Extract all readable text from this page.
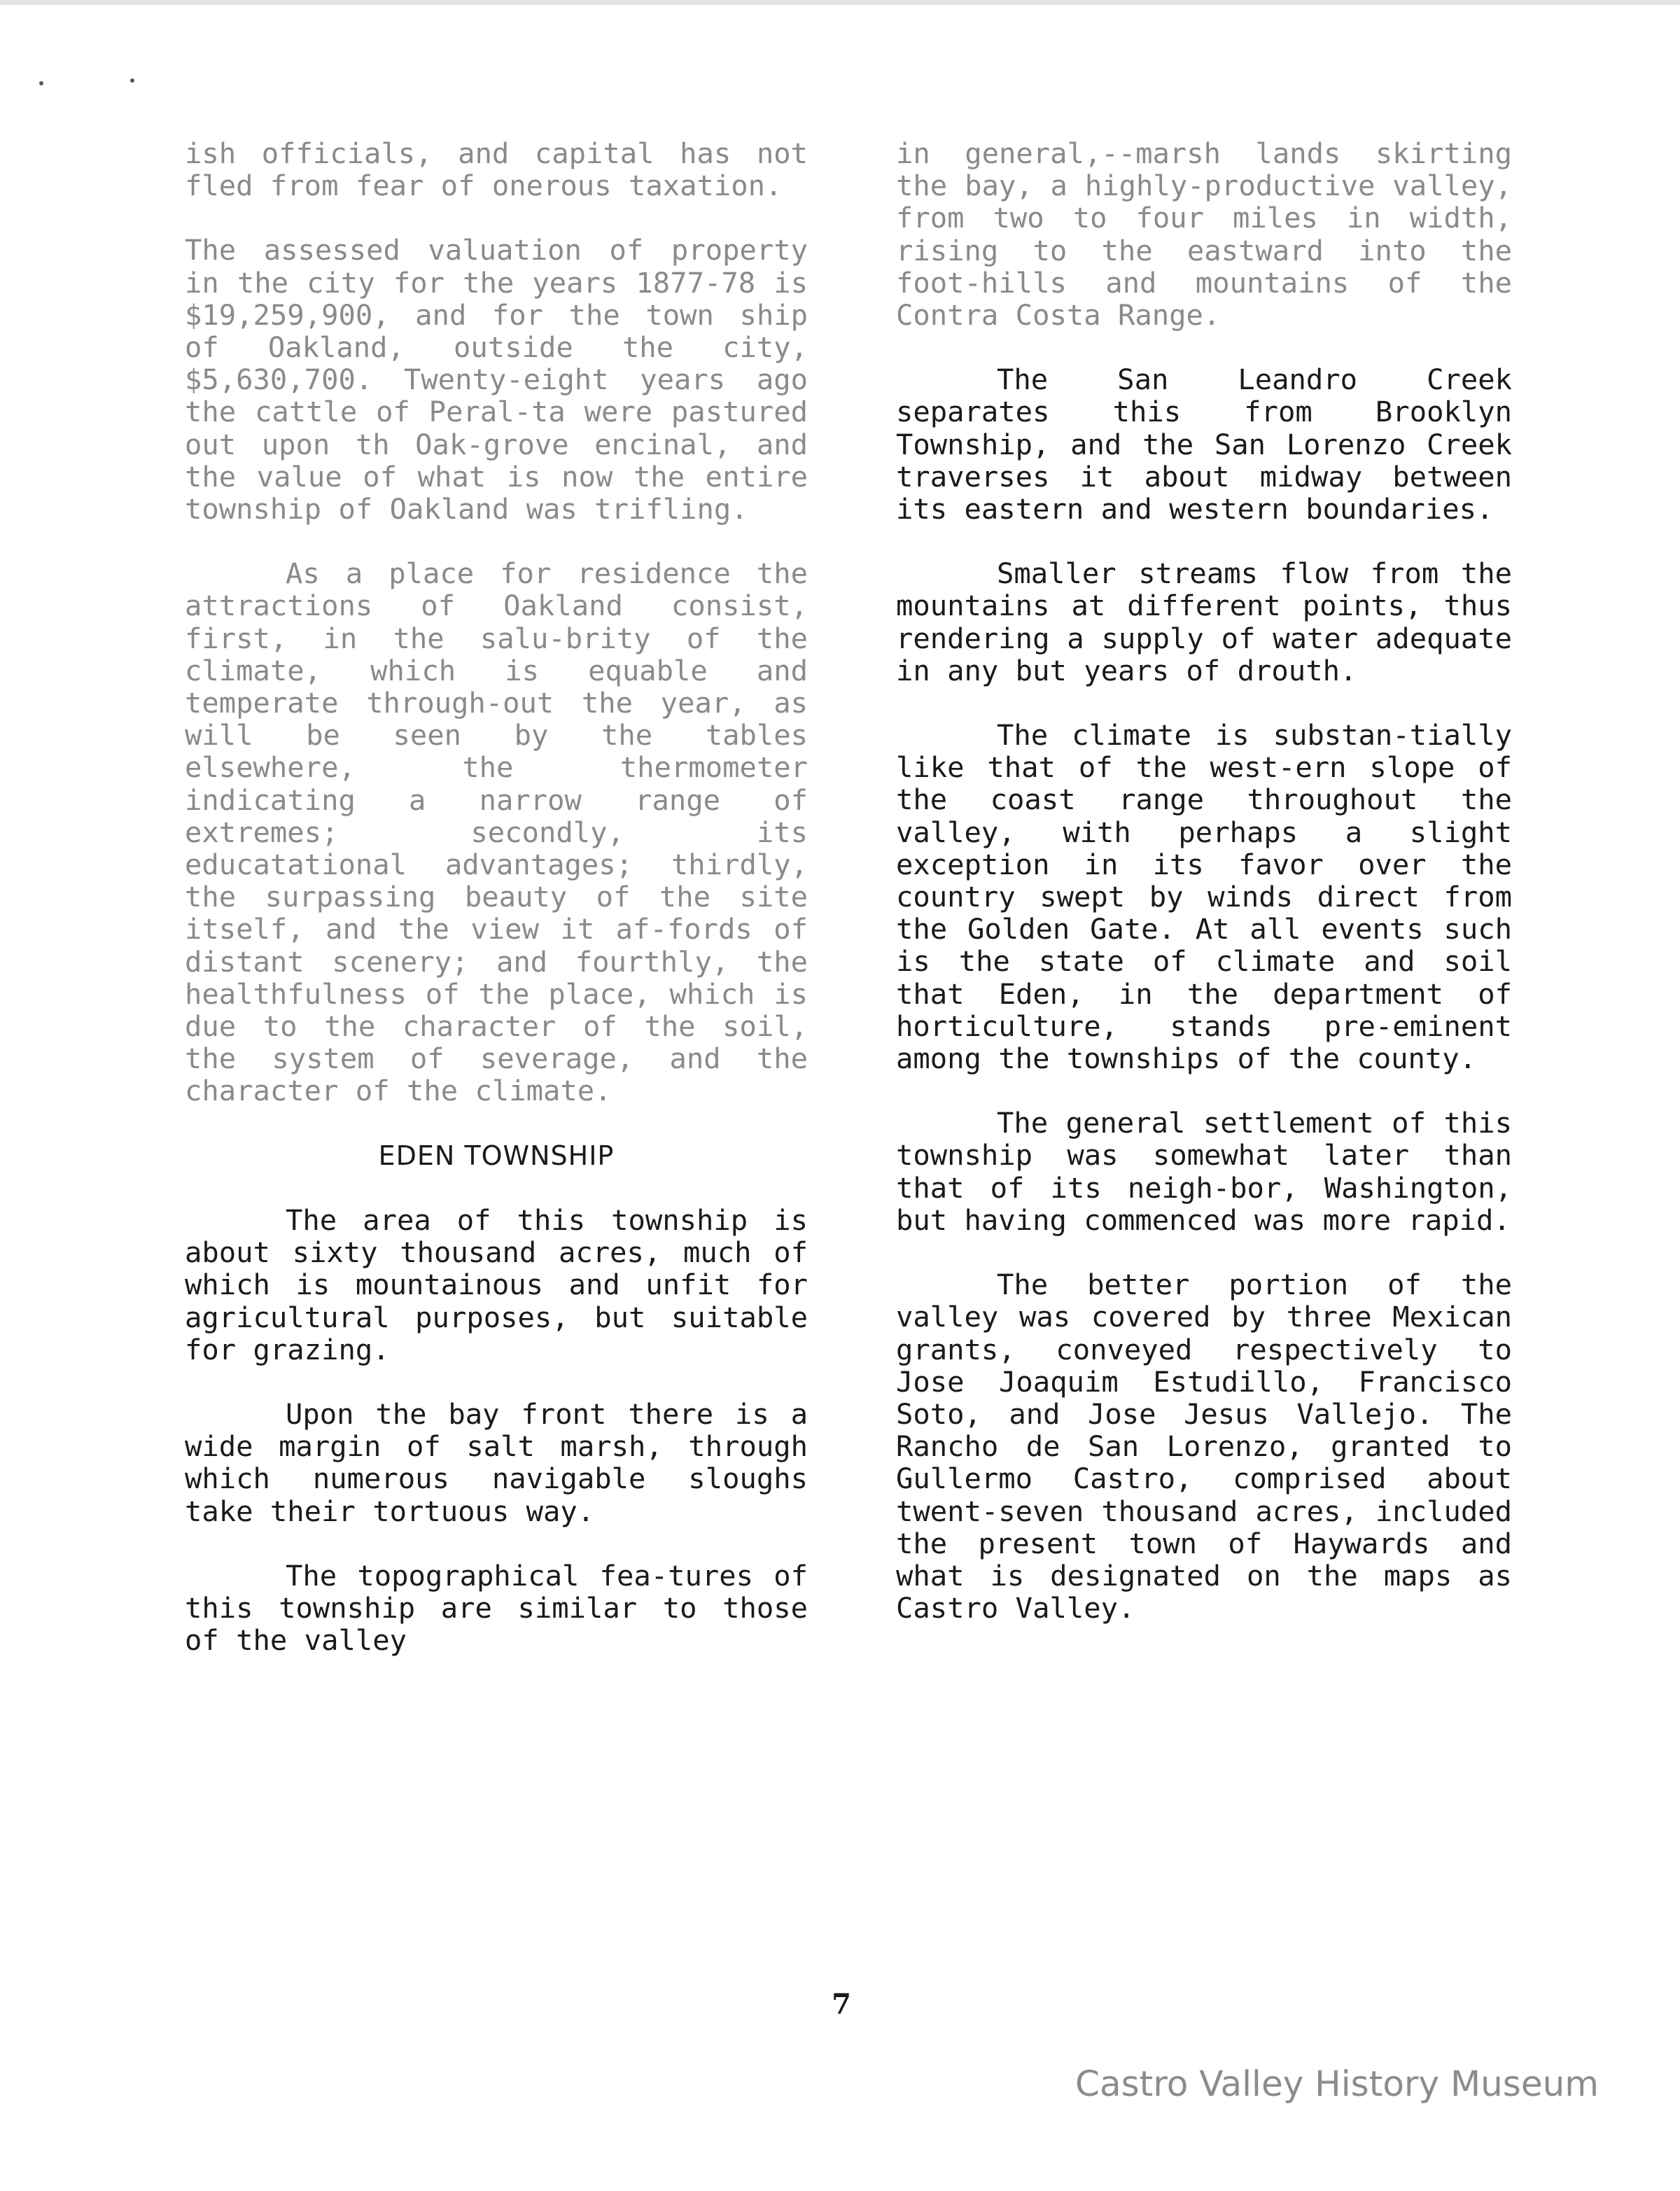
ish officials, and capital has not fled from fear of onerous taxation.

The assessed valuation of property in the city for the years 1877-78 is $19,259,900, and for the town ship of Oakland, outside the city, $5,630,700. Twenty-eight years ago the cattle of Peral-ta were pastured out upon th Oak-grove encinal, and the value of what is now the entire township of Oakland was trifling.

As a place for residence the attractions of Oakland consist, first, in the salu-brity of the climate, which is equable and temperate through-out the year, as will be seen by the tables elsewhere, the thermometer indicating a narrow range of extremes; secondly, its educatational advantages; thirdly, the surpassing beauty of the site itself, and the view it af-fords of distant scenery; and fourthly, the healthfulness of the place, which is due to the character of the soil, the system of severage, and the character of the climate.

EDEN TOWNSHIP

The area of this township is about sixty thousand acres, much of which is mountainous and unfit for agricultural purposes, but suitable for grazing.

Upon the bay front there is a wide margin of salt marsh, through which numerous navigable sloughs take their tortuous way.

The topographical fea-tures of this township are similar to those of the valley

in general,--marsh lands skirting the bay, a highly-productive valley, from two to four miles in width, rising to the eastward into the foot-hills and mountains of the Contra Costa Range.

The San Leandro Creek separates this from Brooklyn Township, and the San Lorenzo Creek traverses it about midway between its eastern and western boundaries.

Smaller streams flow from the mountains at different points, thus rendering a supply of water adequate in any but years of drouth.

The climate is substan-tially like that of the west-ern slope of the coast range throughout the valley, with perhaps a slight exception in its favor over the country swept by winds direct from the Golden Gate. At all events such is the state of climate and soil that Eden, in the department of horticulture, stands pre-eminent among the townships of the county.

The general settlement of this township was somewhat later than that of its neigh-bor, Washington, but having commenced was more rapid.

The better portion of the valley was covered by three Mexican grants, conveyed respectively to Jose Joaquim Estudillo, Francisco Soto, and Jose Jesus Vallejo. The Rancho de San Lorenzo, granted to Gullermo Castro, comprised about twent-seven thousand acres, included the present town of Haywards and what is designated on the maps as Castro Valley.

7
Castro Valley History Museum
